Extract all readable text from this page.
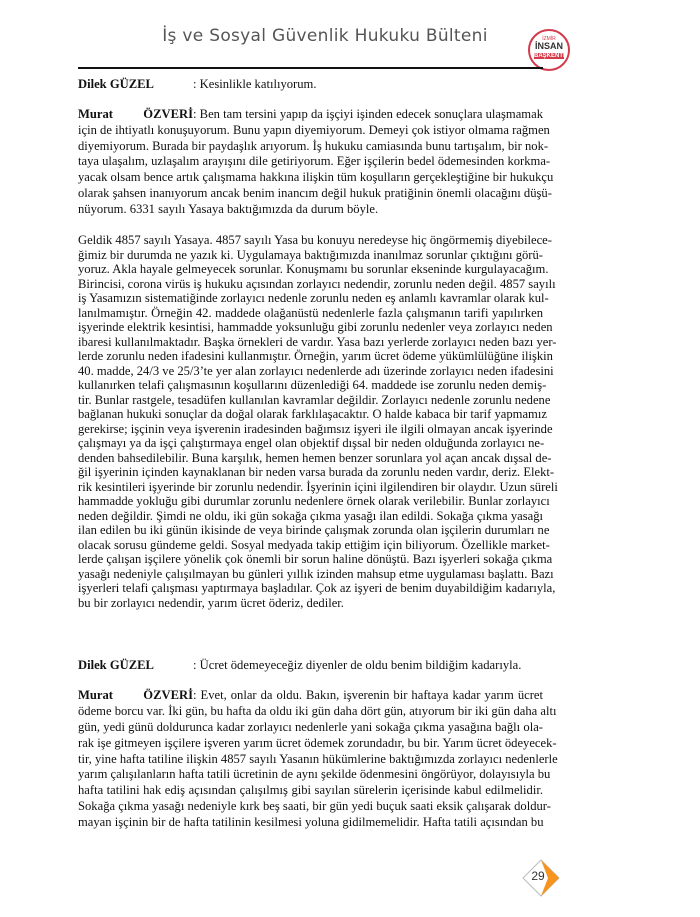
İş ve Sosyal Güvenlik Hukuku Bülteni	İZMİR
İNSAN
BAŞKENTİ
Dilek GÜZEL	: Kesinlikle katılıyorum.
Murat ÖZVERİ : Ben tam tersini yapıp da işçiyi işinden edecek sonuçlara ulaşmamak
için de ihtiyatlı konuşuyorum. Bunu yapın diyemiyorum. Demeyi çok istiyor olmama rağmen
diyemiyorum. Burada bir paydaşlık arıyorum. İş hukuku camiasında bunu tartışalım, bir nok-
taya ulaşalım, uzlaşalım arayışını dile getiriyorum. Eğer işçilerin bedel ödemesinden korkma-
yacak olsam bence artık çalışmama hakkına ilişkin tüm koşulların gerçekleştiğine bir hukukçu
olarak şahsen inanıyorum ancak benim inancım değil hukuk pratiğinin önemli olacağını düşü-
nüyorum. 6331 sayılı Yasaya baktığımızda da durum böyle.
Geldik 4857 sayılı Yasaya. 4857 sayılı Yasa bu konuyu neredeyse hiç öngörmemiş diyebilece-
ğimiz bir durumda ne yazık ki. Uygulamaya baktığımızda inanılmaz sorunlar çıktığını görü-
yoruz. Akla hayale gelmeyecek sorunlar. Konuşmamı bu sorunlar ekseninde kurgulayacağım.
Birincisi, corona virüs iş hukuku açısından zorlayıcı nedendir, zorunlu neden değil. 4857 sayılı
iş Yasamızın sistematiğinde zorlayıcı nedenle zorunlu neden eş anlamlı kavramlar olarak kul-
lanılmamıştır. Örneğin 42. maddede olağanüstü nedenlerle fazla çalışmanın tarifi yapılırken
işyerinde elektrik kesintisi, hammadde yoksunluğu gibi zorunlu nedenler veya zorlayıcı neden
ibaresi kullanılmaktadır. Başka örnekleri de vardır. Yasa bazı yerlerde zorlayıcı neden bazı yer-
lerde zorunlu neden ifadesini kullanmıştır. Örneğin, yarım ücret ödeme yükümlülüğüne ilişkin
40. madde, 24/3 ve 25/3’te yer alan zorlayıcı nedenlerde adı üzerinde zorlayıcı neden ifadesini
kullanırken telafi çalışmasının koşullarını düzenlediği 64. maddede ise zorunlu neden demiş-
tir. Bunlar rastgele, tesadüfen kullanılan kavramlar değildir. Zorlayıcı nedenle zorunlu nedene
bağlanan hukuki sonuçlar da doğal olarak farklılaşacaktır. O halde kabaca bir tarif yapmamız
gerekirse; işçinin veya işverenin iradesinden bağımsız işyeri ile ilgili olmayan ancak işyerinde
çalışmayı ya da işçi çalıştırmaya engel olan objektif dışsal bir neden olduğunda zorlayıcı ne-
denden bahsedilebilir. Buna karşılık, hemen hemen benzer sorunlara yol açan ancak dışsal de-
ğil işyerinin içinden kaynaklanan bir neden varsa burada da zorunlu neden vardır, deriz. Elekt-
rik kesintileri işyerinde bir zorunlu nedendir. İşyerinin içini ilgilendiren bir olaydır. Uzun süreli
hammadde yokluğu gibi durumlar zorunlu nedenlere örnek olarak verilebilir. Bunlar zorlayıcı
neden değildir. Şimdi ne oldu, iki gün sokağa çıkma yasağı ilan edildi. Sokağa çıkma yasağı
ilan edilen bu iki günün ikisinde de veya birinde çalışmak zorunda olan işçilerin durumları ne
olacak sorusu gündeme geldi. Sosyal medyada takip ettiğim için biliyorum. Özellikle market-
lerde çalışan işçilere yönelik çok önemli bir sorun haline dönüştü. Bazı işyerleri sokağa çıkma
yasağı nedeniyle çalışılmayan bu günleri yıllık izinden mahsup etme uygulaması başlattı. Bazı
işyerleri telafi çalışması yaptırmaya başladılar. Çok az işyeri de benim duyabildiğim kadarıyla,
bu bir zorlayıcı nedendir, yarım ücret öderiz, dediler.
Dilek GÜZEL	: Ücret ödemeyeceğiz diyenler de oldu benim bildiğim kadarıyla.
Murat ÖZVERİ : Evet, onlar da oldu. Bakın, işverenin bir haftaya kadar yarım ücret
ödeme borcu var. İki gün, bu hafta da oldu iki gün daha dört gün, atıyorum bir iki gün daha altı
gün, yedi günü doldurunca kadar zorlayıcı nedenlerle yani sokağa çıkma yasağına bağlı ola-
rak işe gitmeyen işçilere işveren yarım ücret ödemek zorundadır, bu bir. Yarım ücret ödeyecek-
tir, yine hafta tatiline ilişkin 4857 sayılı Yasanın hükümlerine baktığımızda zorlayıcı nedenlerle
yarım çalışılanların hafta tatili ücretinin de aynı şekilde ödenmesini öngörüyor, dolayısıyla bu
hafta tatilini hak ediş açısından çalışılmış gibi sayılan sürelerin içerisinde kabul edilmelidir.
Sokağa çıkma yasağı nedeniyle kırk beş saati, bir gün yedi buçuk saati eksik çalışarak doldur-
mayan işçinin bir de hafta tatilinin kesilmesi yoluna gidilmemelidir. Hafta tatili açısından bu
29
